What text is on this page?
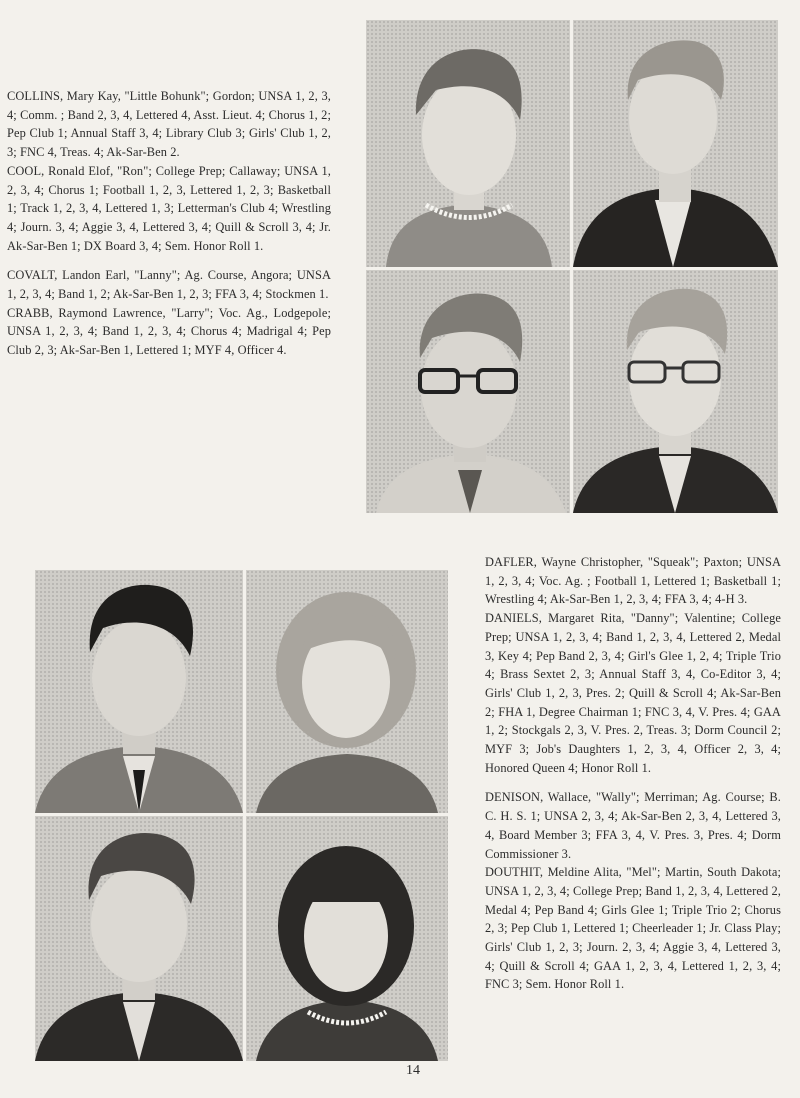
COLLINS, Mary Kay, "Little Bohunk"; Gordon; UNSA 1, 2, 3, 4; Comm. ; Band 2, 3, 4, Lettered 4, Asst. Lieut. 4; Chorus 1, 2; Pep Club 1; Annual Staff 3, 4; Library Club 3; Girls' Club 1, 2, 3; FNC 4, Treas. 4; Ak-Sar-Ben 2.

COOL, Ronald Elof, "Ron"; College Prep; Callaway; UNSA 1, 2, 3, 4; Chorus 1; Football 1, 2, 3, Lettered 1, 2, 3; Basketball 1; Track 1, 2, 3, 4, Lettered 1, 3; Letterman's Club 4; Wrestling 4; Journ. 3, 4; Aggie 3, 4, Lettered 3, 4; Quill & Scroll 3, 4; Jr. Ak-Sar-Ben 1; DX Board 3, 4; Sem. Honor Roll 1.

COVALT, Landon Earl, "Lanny"; Ag. Course, Angora; UNSA 1, 2, 3, 4; Band 1, 2; Ak-Sar-Ben 1, 2, 3; FFA 3, 4; Stockmen 1.

CRABB, Raymond Lawrence, "Larry"; Voc. Ag., Lodgepole; UNSA 1, 2, 3, 4; Band 1, 2, 3, 4; Chorus 4; Madrigal 4; Pep Club 2, 3; Ak-Sar-Ben 1, Lettered 1; MYF 4, Officer 4.

DAFLER, Wayne Christopher, "Squeak"; Paxton; UNSA 1, 2, 3, 4; Voc. Ag. ; Football 1, Lettered 1; Basketball 1; Wrestling 4; Ak-Sar-Ben 1, 2, 3, 4; FFA 3, 4; 4-H 3.

DANIELS, Margaret Rita, "Danny"; Valentine; College Prep; UNSA 1, 2, 3, 4; Band 1, 2, 3, 4, Lettered 2, Medal 3, Key 4; Pep Band 2, 3, 4; Girl's Glee 1, 2, 4; Triple Trio 4; Brass Sextet 2, 3; Annual Staff 3, 4, Co-Editor 3, 4; Girls' Club 1, 2, 3, Pres. 2; Quill & Scroll 4; Ak-Sar-Ben 2; FHA 1, Degree Chairman 1; FNC 3, 4, V. Pres. 4; GAA 1, 2; Stockgals 2, 3, V. Pres. 2, Treas. 3; Dorm Council 2; MYF 3; Job's Daughters 1, 2, 3, 4, Officer 2, 3, 4; Honored Queen 4; Honor Roll 1.

DENISON, Wallace, "Wally"; Merriman; Ag. Course; B. C. H. S. 1; UNSA 2, 3, 4; Ak-Sar-Ben 2, 3, 4, Lettered 3, 4, Board Member 3; FFA 3, 4, V. Pres. 3, Pres. 4; Dorm Commissioner 3.

DOUTHIT, Meldine Alita, "Mel"; Martin, South Dakota; UNSA 1, 2, 3, 4; College Prep; Band 1, 2, 3, 4, Lettered 2, Medal 4; Pep Band 4; Girls Glee 1; Triple Trio 2; Chorus 2, 3; Pep Club 1, Lettered 1; Cheerleader 1; Jr. Class Play; Girls' Club 1, 2, 3; Journ. 2, 3, 4; Aggie 3, 4, Lettered 3, 4; Quill & Scroll 4; GAA 1, 2, 3, 4, Lettered 1, 2, 3, 4; FNC 3; Sem. Honor Roll 1.

14
